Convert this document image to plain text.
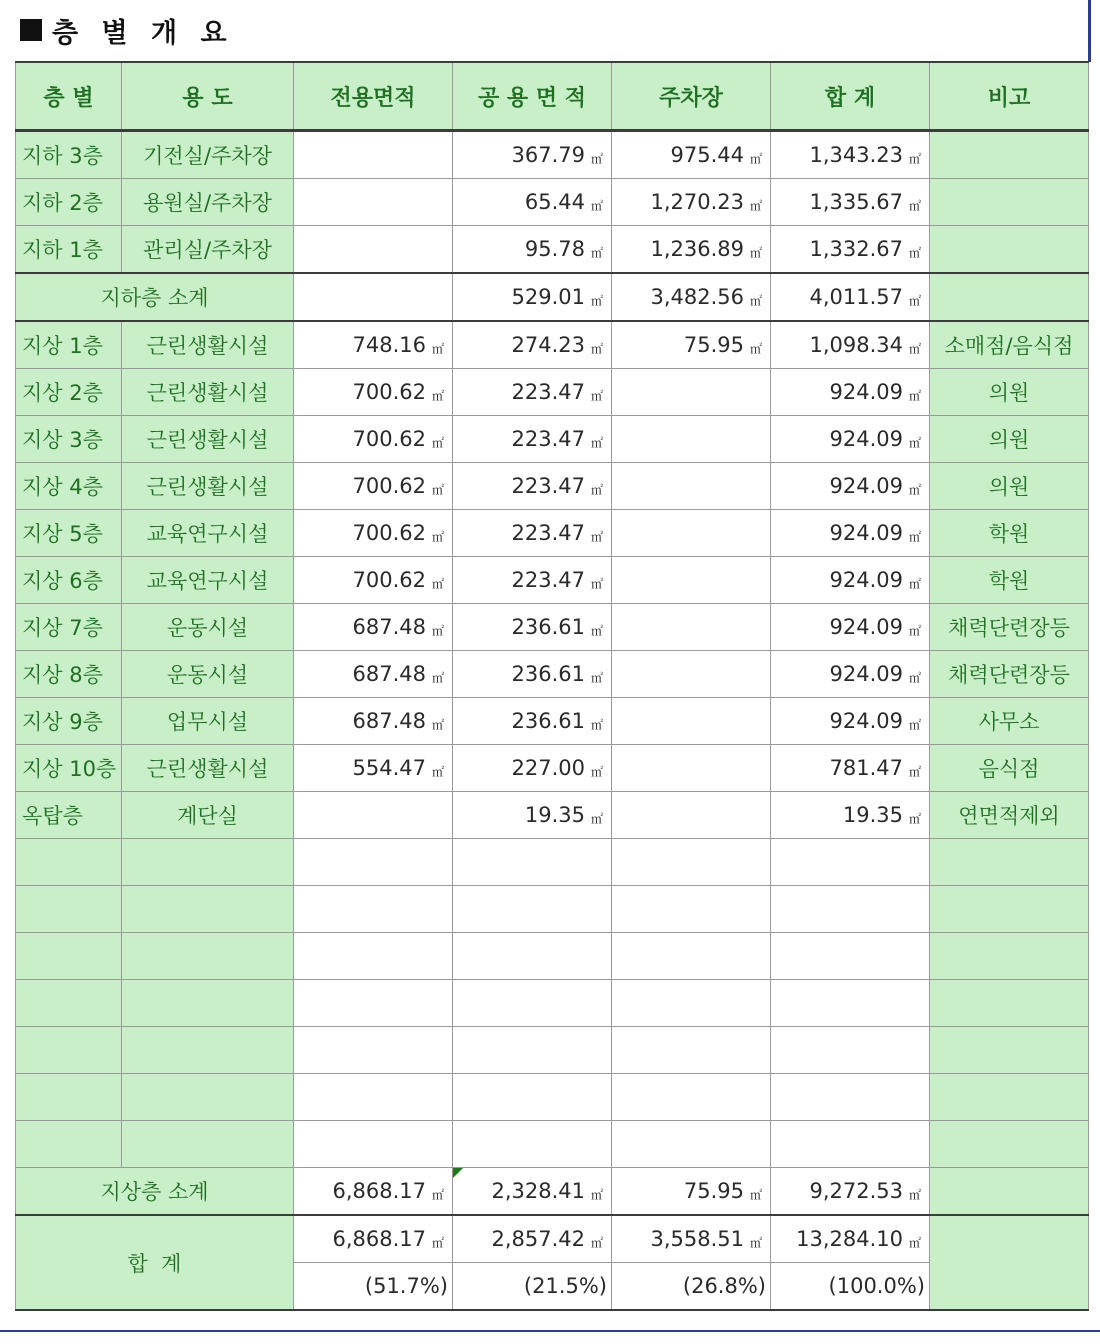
층 별 개 요
층 별	용 도	전용면적	공 용 면 적	주차장	합 계	비고
지하 3층	기전실/주차장		367.79 ㎡	975.44 ㎡	1,343.23 ㎡	
지하 2층	용원실/주차장		65.44 ㎡	1,270.23 ㎡	1,335.67 ㎡	
지하 1층	관리실/주차장		95.78 ㎡	1,236.89 ㎡	1,332.67 ㎡	
지하층 소계			529.01 ㎡	3,482.56 ㎡	4,011.57 ㎡	
지상 1층	근린생활시설	748.16 ㎡	274.23 ㎡	75.95 ㎡	1,098.34 ㎡	소매점/음식점
지상 2층	근린생활시설	700.62 ㎡	223.47 ㎡		924.09 ㎡	의원
지상 3층	근린생활시설	700.62 ㎡	223.47 ㎡		924.09 ㎡	의원
지상 4층	근린생활시설	700.62 ㎡	223.47 ㎡		924.09 ㎡	의원
지상 5층	교육연구시설	700.62 ㎡	223.47 ㎡		924.09 ㎡	학원
지상 6층	교육연구시설	700.62 ㎡	223.47 ㎡		924.09 ㎡	학원
지상 7층	운동시설	687.48 ㎡	236.61 ㎡		924.09 ㎡	채력단련장등
지상 8층	운동시설	687.48 ㎡	236.61 ㎡		924.09 ㎡	채력단련장등
지상 9층	업무시설	687.48 ㎡	236.61 ㎡		924.09 ㎡	사무소
지상 10층	근린생활시설	554.47 ㎡	227.00 ㎡		781.47 ㎡	음식점
옥탑층	계단실		19.35 ㎡		19.35 ㎡	연면적제외

지상층 소계		6,868.17 ㎡	2,328.41 ㎡	75.95 ㎡	9,272.53 ㎡	
합  계		6,868.17 ㎡	2,857.42 ㎡	3,558.51 ㎡	13,284.10 ㎡	
		(51.7%)	(21.5%)	(26.8%)	(100.0%)	
